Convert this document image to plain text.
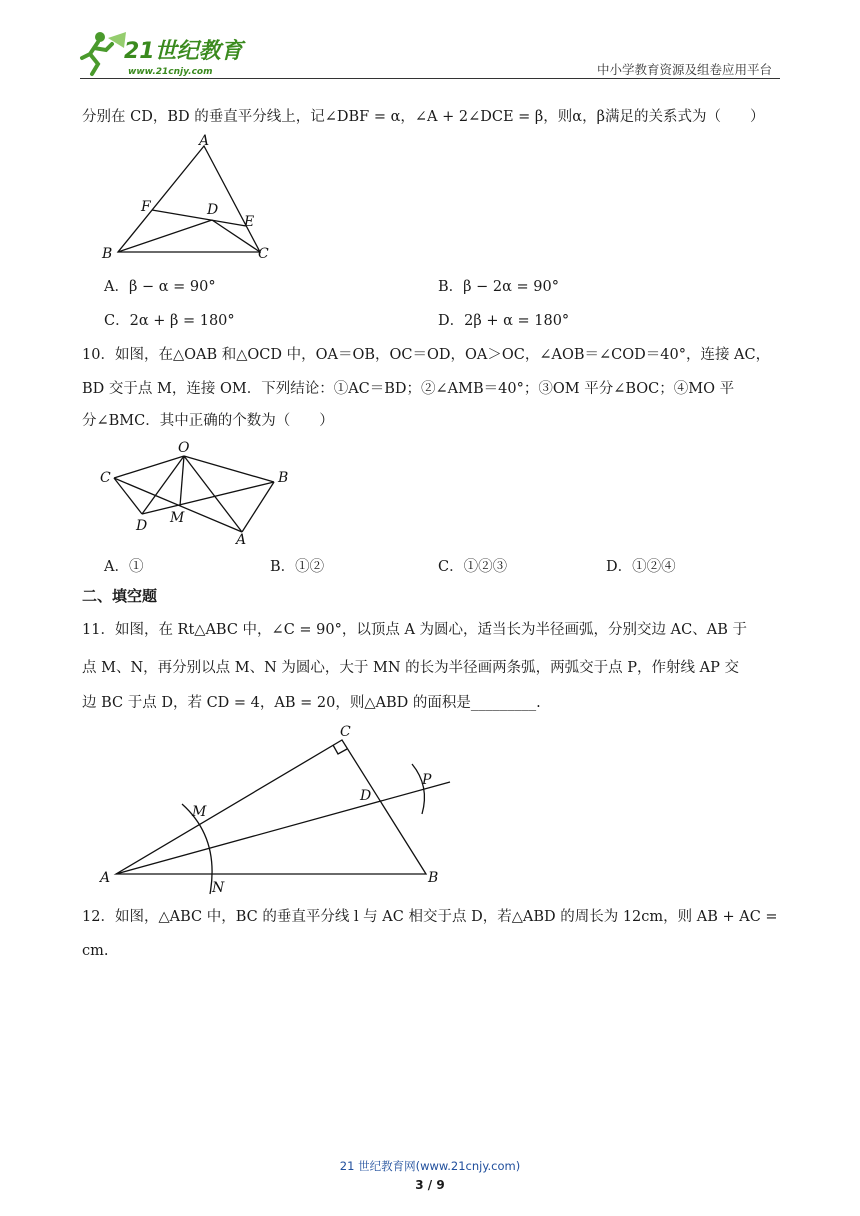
21世纪教育
www.21cnjy.com	中小学教育资源及组卷应用平台
分别在 CD，BD 的垂直平分线上，记∠DBF = α，∠A + 2∠DCE = β，则α，β满足的关系式为（　　）
A
F	D
E
B	C
A．β − α = 90°	B．β − 2α = 90°
C．2α + β = 180°	D．2β + α = 180°
10．如图，在△OAB 和△OCD 中，OA＝OB，OC＝OD，OA＞OC，∠AOB＝∠COD＝40°，连接 AC，
BD 交于点 M，连接 OM．下列结论：①AC＝BD；②∠AMB＝40°；③OM 平分∠BOC；④MO 平
分∠BMC．其中正确的个数为（　　）
O
C	B
D M
A
A．①	B．①②	C．①②③	D．①②④
二、填空题
11．如图，在 Rt△ABC 中，∠C = 90°，以顶点 A 为圆心，适当长为半径画弧，分别交边 AC、AB 于
点 M、N，再分别以点 M、N 为圆心，大于 MN 的长为半径画两条弧，两弧交于点 P，作射线 AP 交
边 BC 于点 D，若 CD = 4，AB = 20，则△ABD 的面积是_________.
C
P
M
D
A
N
B
12．如图，△ABC 中，BC 的垂直平分线 l 与 AC 相交于点 D，若△ABD 的周长为 12cm，则 AB + AC =
cm.
21 世纪教育网(www.21cnjy.com)
3 / 9
